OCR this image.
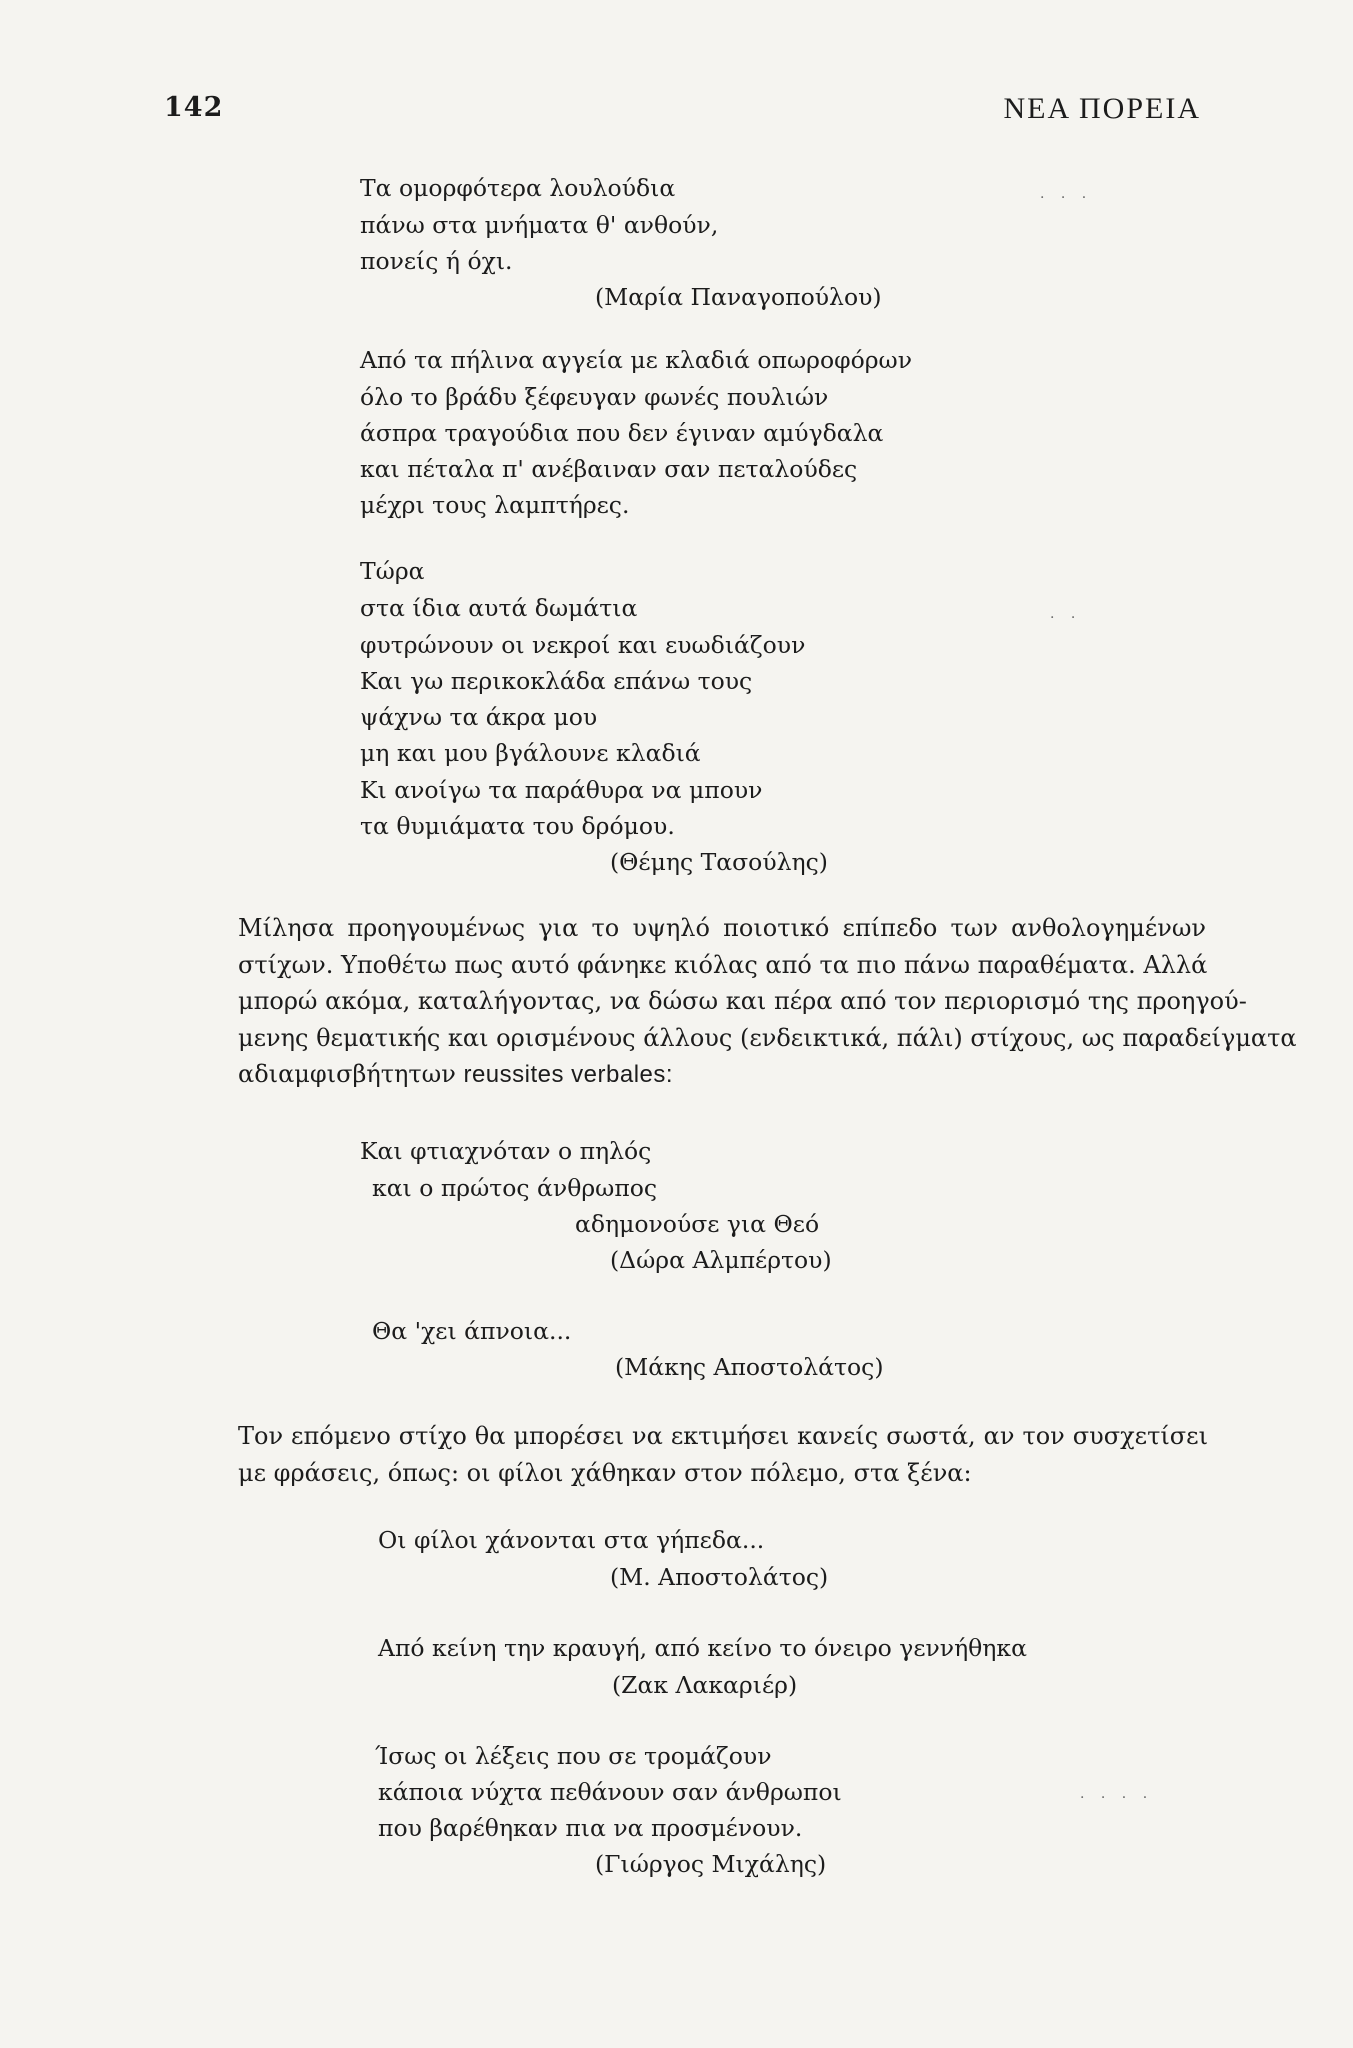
142	ΝΕΑ ΠΟΡΕΙΑ
Τα ομορφότερα λουλούδια
πάνω στα μνήματα θ' ανθούν,
πονείς ή όχι.
(Μαρία Παναγοπούλου)
Από τα πήλινα αγγεία με κλαδιά οπωροφόρων
όλο το βράδυ ξέφευγαν φωνές πουλιών
άσπρα τραγούδια που δεν έγιναν αμύγδαλα
και πέταλα π' ανέβαιναν σαν πεταλούδες
μέχρι τους λαμπτήρες.
Τώρα
στα ίδια αυτά δωμάτια
φυτρώνουν οι νεκροί και ευωδιάζουν
Και γω περικοκλάδα επάνω τους
ψάχνω τα άκρα μου
μη και μου βγάλουνε κλαδιά
Κι ανοίγω τα παράθυρα να μπουν
τα θυμιάματα του δρόμου.
(Θέμης Τασούλης)
Μίλησα προηγουμένως για το υψηλό ποιοτικό επίπεδο των ανθολογημένων
στίχων. Υποθέτω πως αυτό φάνηκε κιόλας από τα πιο πάνω παραθέματα. Αλλά
μπορώ ακόμα, καταλήγοντας, να δώσω και πέρα από τον περιορισμό της προηγού-
μενης θεματικής και ορισμένους άλλους (ενδεικτικά, πάλι) στίχους, ως παραδείγματα
αδιαμφισβήτητων reussites verbales:
Και φτιαχνόταν ο πηλός
και ο πρώτος άνθρωπος
αδημονούσε για Θεό
(Δώρα Αλμπέρτου)
Θα 'χει άπνοια...
(Μάκης Αποστολάτος)
Τον επόμενο στίχο θα μπορέσει να εκτιμήσει κανείς σωστά, αν τον συσχετίσει
με φράσεις, όπως: οι φίλοι χάθηκαν στον πόλεμο, στα ξένα:
Οι φίλοι χάνονται στα γήπεδα...
(Μ. Αποστολάτος)
Από κείνη την κραυγή, από κείνο το όνειρο γεννήθηκα
(Ζακ Λακαριέρ)
Ίσως οι λέξεις που σε τρομάζουν
κάποια νύχτα πεθάνουν σαν άνθρωποι
που βαρέθηκαν πια να προσμένουν.
(Γιώργος Μιχάλης)
· · ·
· ·
· · · ·
